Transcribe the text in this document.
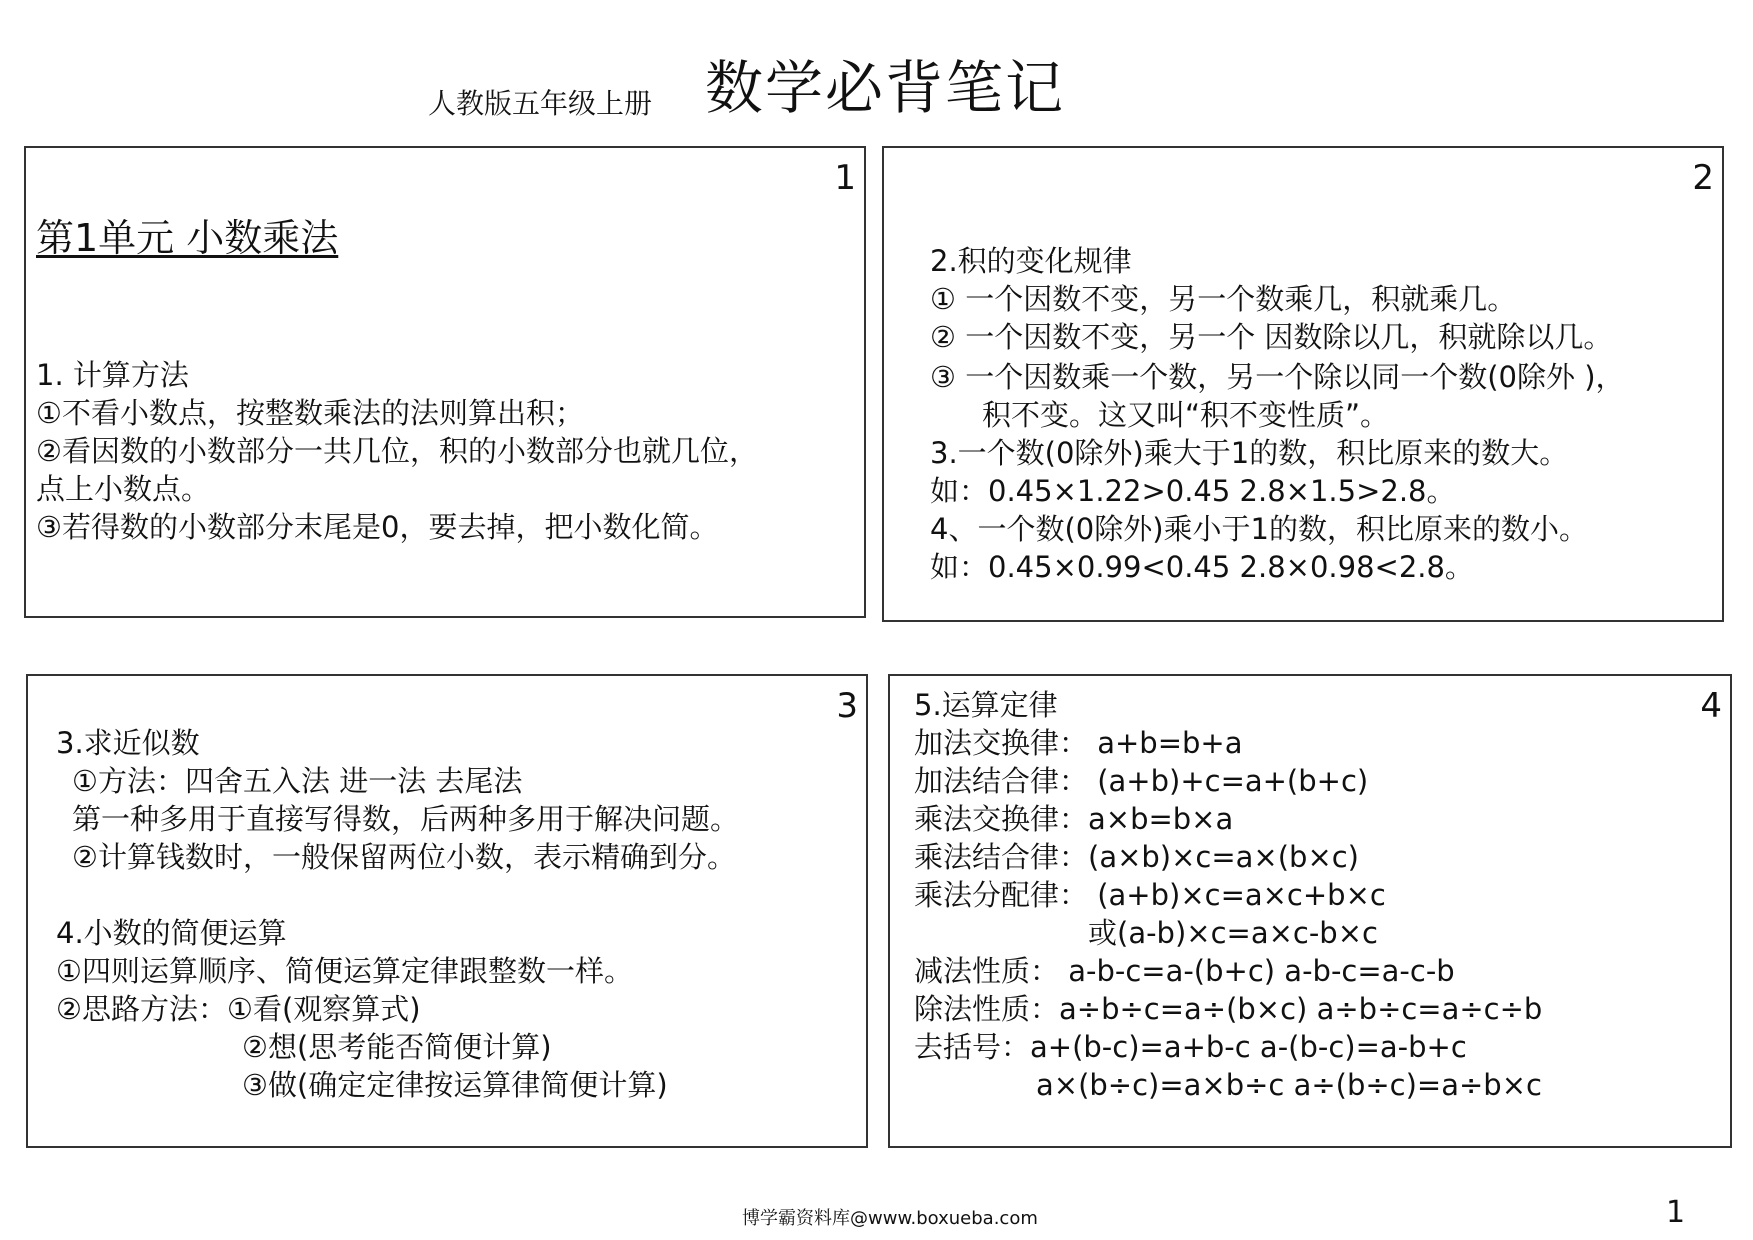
人教版五年级上册 数学必背笔记
1
第1单元 小数乘法
1. 计算方法
①不看小数点，按整数乘法的法则算出积；
②看因数的小数部分一共几位，积的小数部分也就几位，
点上小数点。
③若得数的小数部分末尾是0，要去掉，把小数化简。
2
2.积的变化规律
① 一个因数不变，另一个数乘几，积就乘几。
② 一个因数不变，另一个 因数除以几，积就除以几。
③ 一个因数乘一个数，另一个除以同一个数(0除外 )，
积不变。这又叫“积不变性质”。
3.一个数(0除外)乘大于1的数，积比原来的数大。
如：0.45×1.22>0.45 2.8×1.5>2.8。
4、一个数(0除外)乘小于1的数，积比原来的数小。
如：0.45×0.99<0.45 2.8×0.98<2.8。
3
3.求近似数
①方法：四舍五入法 进一法 去尾法
第一种多用于直接写得数，后两种多用于解决问题。
②计算钱数时，一般保留两位小数，表示精确到分。
4.小数的简便运算
①四则运算顺序、简便运算定律跟整数一样。
②思路方法：①看(观察算式)
②想(思考能否简便计算)
③做(确定定律按运算律简便计算)
4
5.运算定律
加法交换律： a+b=b+a
加法结合律： (a+b)+c=a+(b+c)
乘法交换律：a×b=b×a
乘法结合律：(a×b)×c=a×(b×c)
乘法分配律： (a+b)×c=a×c+b×c
或(a-b)×c=a×c-b×c
减法性质： a-b-c=a-(b+c) a-b-c=a-c-b
除法性质：a÷b÷c=a÷(b×c) a÷b÷c=a÷c÷b
去括号：a+(b-c)=a+b-c a-(b-c)=a-b+c
a×(b÷c)=a×b÷c a÷(b÷c)=a÷b×c
博学霸资料库@www.boxueba.com	1
